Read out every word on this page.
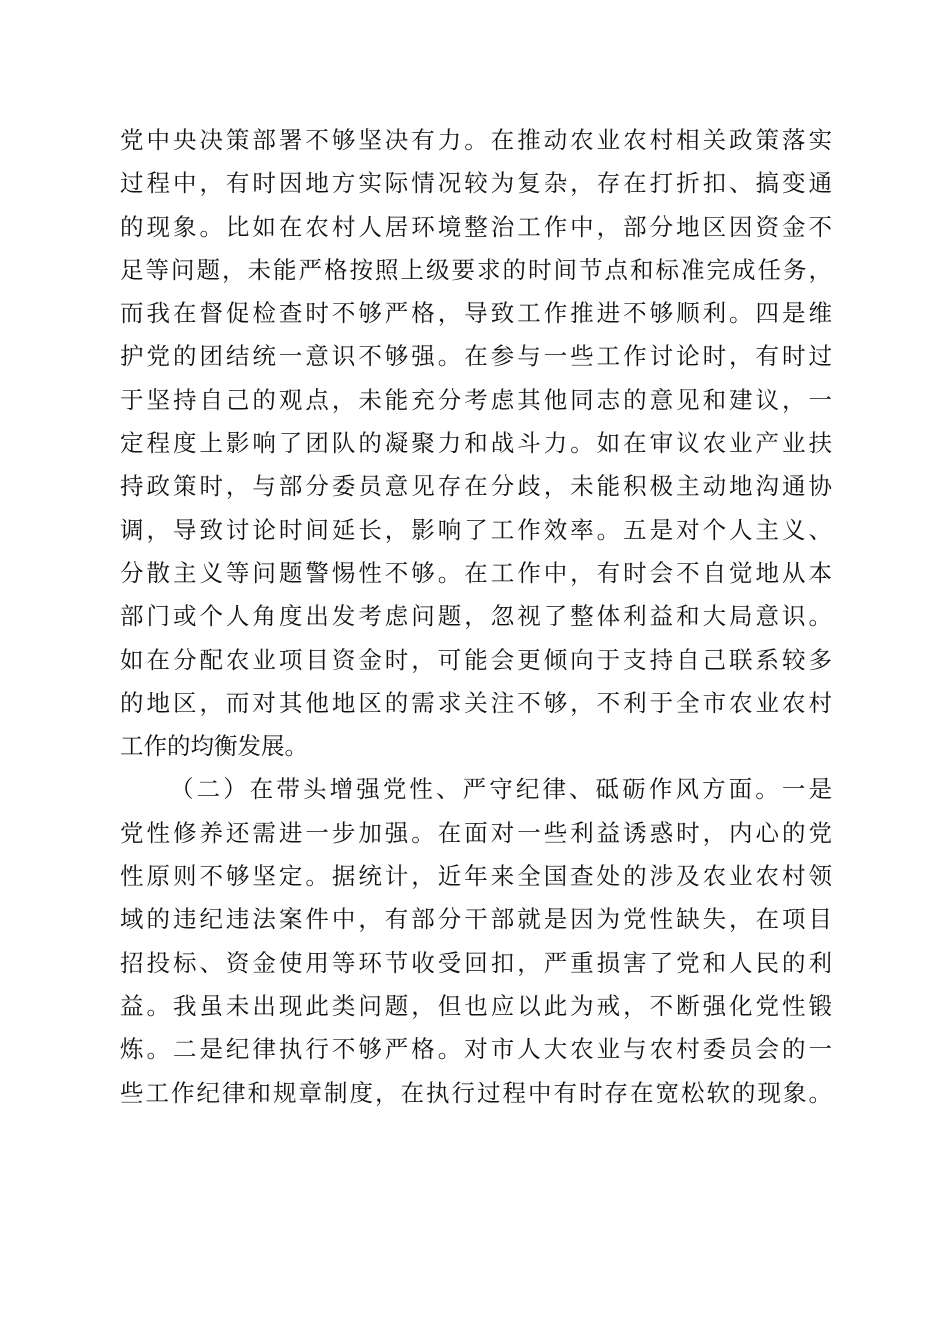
党中央决策部署不够坚决有力。在推动农业农村相关政策落实
过程中，有时因地方实际情况较为复杂，存在打折扣、搞变通
的现象。比如在农村人居环境整治工作中，部分地区因资金不
足等问题，未能严格按照上级要求的时间节点和标准完成任务，
而我在督促检查时不够严格，导致工作推进不够顺利。四是维
护党的团结统一意识不够强。在参与一些工作讨论时，有时过
于坚持自己的观点，未能充分考虑其他同志的意见和建议，一
定程度上影响了团队的凝聚力和战斗力。如在审议农业产业扶
持政策时，与部分委员意见存在分歧，未能积极主动地沟通协
调，导致讨论时间延长，影响了工作效率。五是对个人主义、
分散主义等问题警惕性不够。在工作中，有时会不自觉地从本
部门或个人角度出发考虑问题，忽视了整体利益和大局意识。
如在分配农业项目资金时，可能会更倾向于支持自己联系较多
的地区，而对其他地区的需求关注不够，不利于全市农业农村
工作的均衡发展。
（二）在带头增强党性、严守纪律、砥砺作风方面。一是
党性修养还需进一步加强。在面对一些利益诱惑时，内心的党
性原则不够坚定。据统计，近年来全国查处的涉及农业农村领
域的违纪违法案件中，有部分干部就是因为党性缺失，在项目
招投标、资金使用等环节收受回扣，严重损害了党和人民的利
益。我虽未出现此类问题，但也应以此为戒，不断强化党性锻
炼。二是纪律执行不够严格。对市人大农业与农村委员会的一
些工作纪律和规章制度，在执行过程中有时存在宽松软的现象。
